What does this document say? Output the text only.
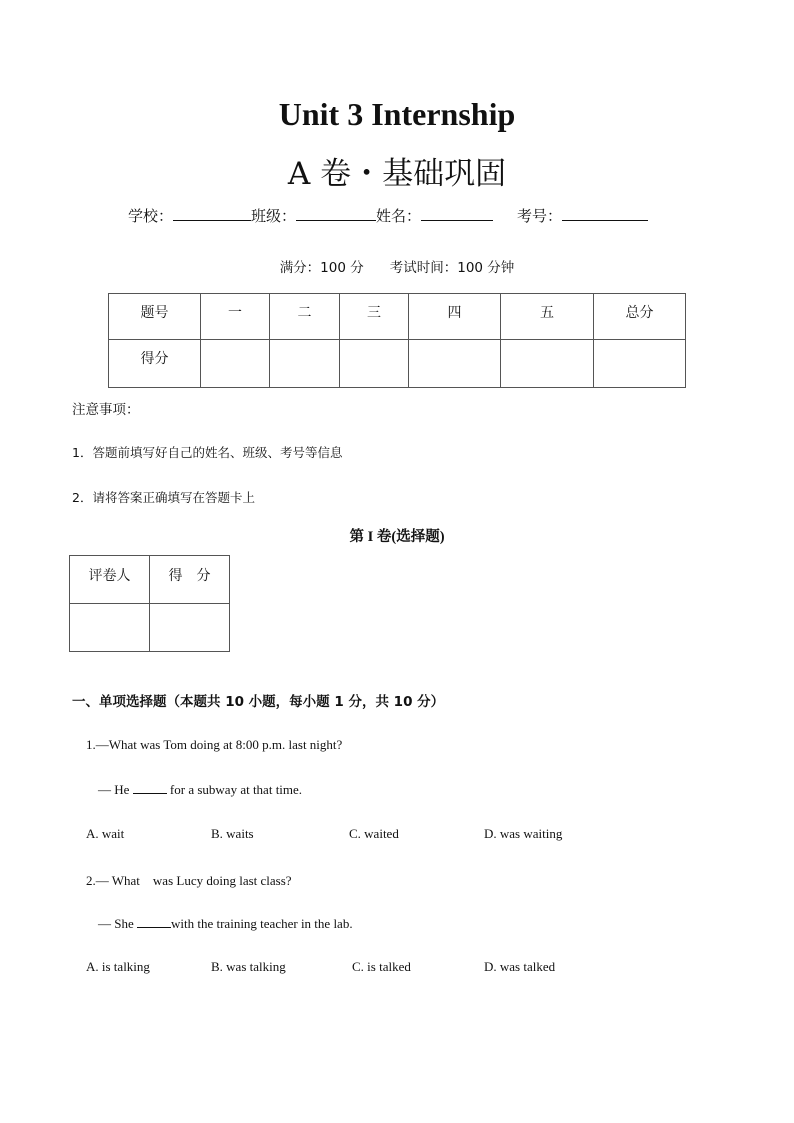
Unit 3 Internship
A 卷・基础巩固
学校：	班级：	姓名：	考号：
满分：100 分 考试时间：100 分钟
题号	一	二	三	四	五	总分
得分						
注意事项：
1．答题前填写好自己的姓名、班级、考号等信息
2．请将答案正确填写在答题卡上
第 I 卷(选择题)
评卷人	得　分

一、单项选择题（本题共 10 小题，每小题 1 分，共 10 分）
1.—What was Tom doing at 8:00 p.m. last night?
— He	for a subway at that time.
A. wait	B. waits	C. waited	D. was waiting
2.— What　was Lucy doing last class?
— She	with the training teacher in the lab.
A. is talking	B. was talking	C. is talked	D. was talked
